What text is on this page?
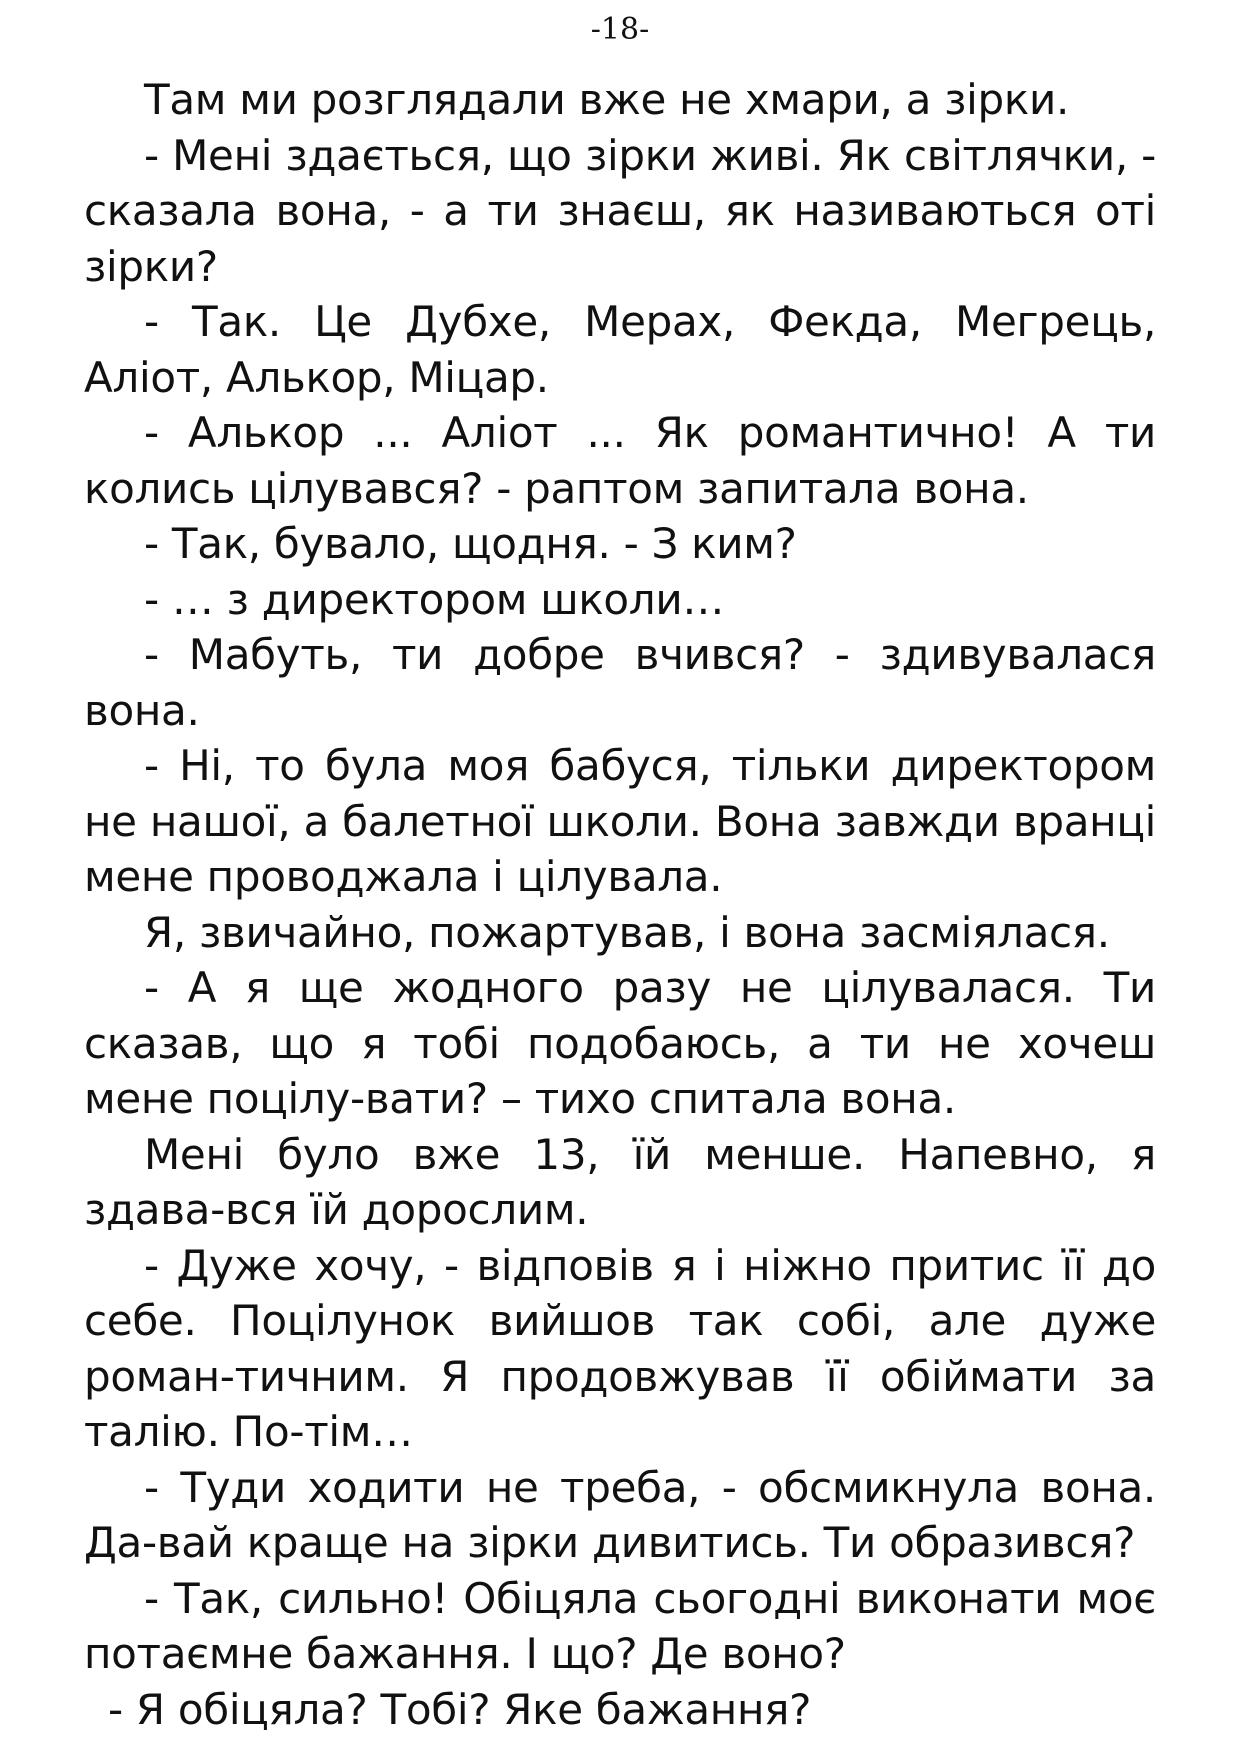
-18-

Там ми розглядали вже не хмари, а зірки.

- Мені здається, що зірки живі. Як світлячки, - сказала вона, - а ти знаєш, як називаються оті зірки?

- Так. Це Дубхе, Мерах, Фекда, Мегрець, Аліот, Алькор, Міцар.

- Алькор ... Аліот ... Як романтично! А ти колись цілувався? - раптом запитала вона.

- Так, бувало, щодня. - З ким?

- … з директором школи…

- Мабуть, ти добре вчився? - здивувалася вона.

- Ні, то була моя бабуся, тільки директором не нашої, а балетної школи. Вона завжди вранці мене проводжала і цілувала.

Я, звичайно, пожартував, і вона засміялася.

- А я ще жодного разу не цілувалася. Ти сказав, що я тобі подобаюсь, а ти не хочеш мене поцілу-вати? – тихо спитала вона.

Мені було вже 13, їй менше. Напевно, я здава-вся їй дорослим.

- Дуже хочу, - відповів я і ніжно притис її до себе. Поцілунок вийшов так собі, але дуже роман-тичним. Я продовжував її обіймати за талію. По-тім…

- Туди ходити не треба, - обсмикнула вона. Да-вай краще на зірки дивитись. Ти образився?

- Так, сильно! Обіцяла сьогодні виконати моє потаємне бажання. І що? Де воно?

- Я обіцяла? Тобі? Яке бажання?
